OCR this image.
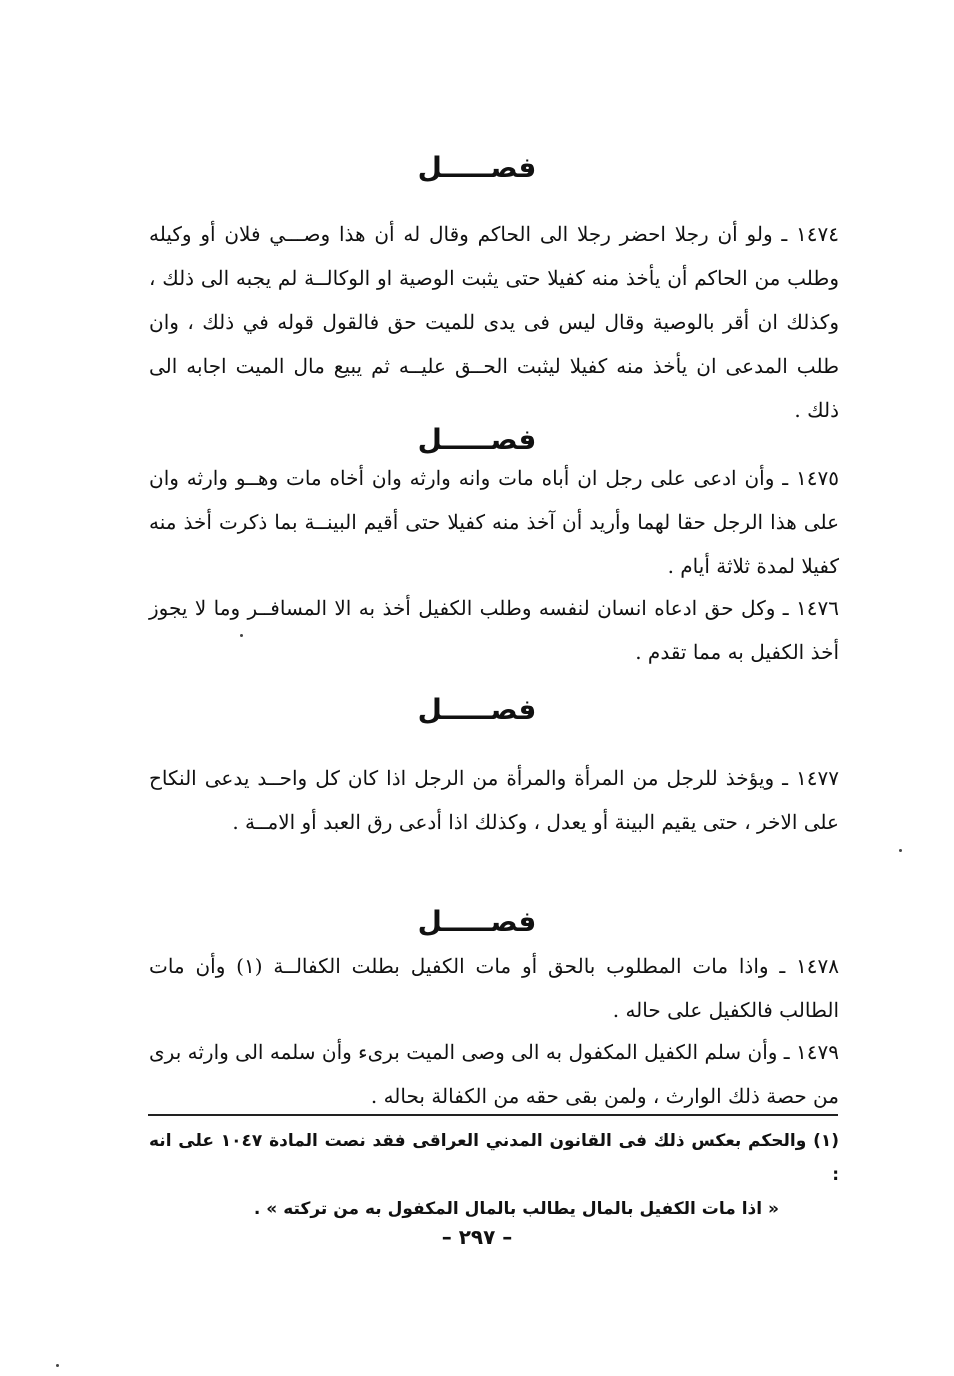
فصـــــل
١٤٧٤ ـ ولو أن رجلا احضر رجلا الى الحاكم وقال له أن هذا وصـــي فلان أو وكيله وطلب من الحاكم أن يأخذ منه كفيلا حتى يثبت الوصية او الوكالــة لم يجبه الى ذلك ، وكذلك ان أقر بالوصية وقال ليس فى يدى للميت حق فالقول قوله في ذلك ، وان طلب المدعى ان يأخذ منه كفيلا ليثبت الحــق عليــه ثم يبيع مال الميت اجابه الى ذلك .
فصـــــل
١٤٧٥ ـ وأن ادعى على رجل ان أباه مات وانه وارثه وان أخاه مات وهــو وارثه وان على هذا الرجل حقا لهما وأريد أن آخذ منه كفيلا حتى أقيم البينــة بما ذكرت أخذ منه كفيلا لمدة ثلاثة أيام .
١٤٧٦ ـ وكل حق ادعاه انسان لنفسه وطلب الكفيل أخذ به الا المسافــر وما لا يجوز أخذ الكفيل به مما تقدم .
فصـــــل
١٤٧٧ ـ ويؤخذ للرجل من المرأة والمرأة من الرجل اذا كان كل واحــد يدعى النكاح على الاخر ، حتى يقيم البينة أو يعدل ، وكذلك اذا أدعى رق العبد أو الامــة .
فصـــــل
١٤٧٨ ـ واذا مات المطلوب بالحق أو مات الكفيل بطلت الكفالــة (١) وأن مات الطالب فالكفيل على حاله .
١٤٧٩ ـ وأن سلم الكفيل المكفول به الى وصى الميت برىء وأن سلمه الى وارثه برى من حصة ذلك الوارث ، ولمن بقى حقه من الكفالة بحاله .
(١) والحكم بعكس ذلك فى القانون المدني العراقى فقد نصت المادة ١٠٤٧ على انه :
« اذا مات الكفيل بالمال يطالب بالمال المكفول به من تركته » .
– ٢٩٧ –
